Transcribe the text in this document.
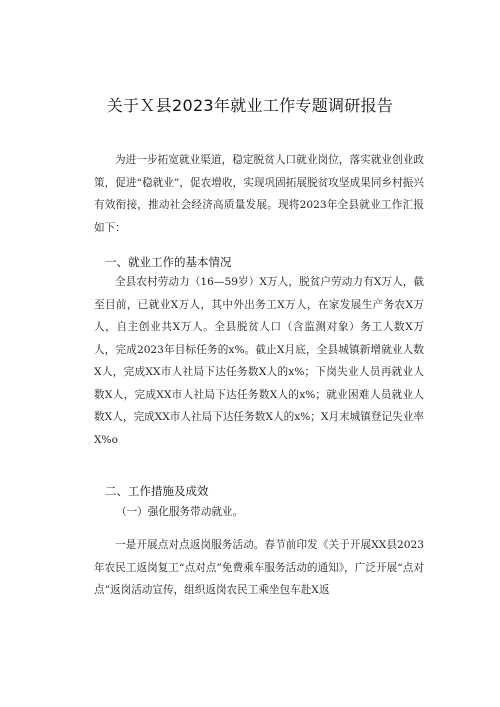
关于Ｘ县2023年就业工作专题调研报告

为进一步拓宽就业渠道，稳定脱贫人口就业岗位，落实就业创业政策，促进“稳就业”，促农增收，实现巩固拓展脱贫攻坚成果同乡村振兴有效衔接，推动社会经济高质量发展。现将2023年全县就业工作汇报如下：

一、就业工作的基本情况

全县农村劳动力（16—59岁）X万人，脱贫户劳动力有X万人，截至目前，已就业X万人，其中外出务工X万人，在家发展生产务农X万人，自主创业共X万人。全县脱贫人口（含监测对象）务工人数X万人，完成2023年目标任务的x%。截止X月底，全县城镇新增就业人数X人，完成XX市人社局下达任务数X人的x%；下岗失业人员再就业人数X人，完成XX市人社局下达任务数X人的x%；就业困难人员就业人数X人，完成XX市人社局下达任务数X人的x%；X月末城镇登记失业率X%o

二、工作措施及成效
（一）强化服务带动就业。

一是开展点对点返岗服务活动。春节前印发《关于开展XX县2023年农民工返岗复工“点对点”免费乘车服务活动的通知》，广泛开展“点对点”返岗活动宣传，组织返岗农民工乘坐包车赴X返
